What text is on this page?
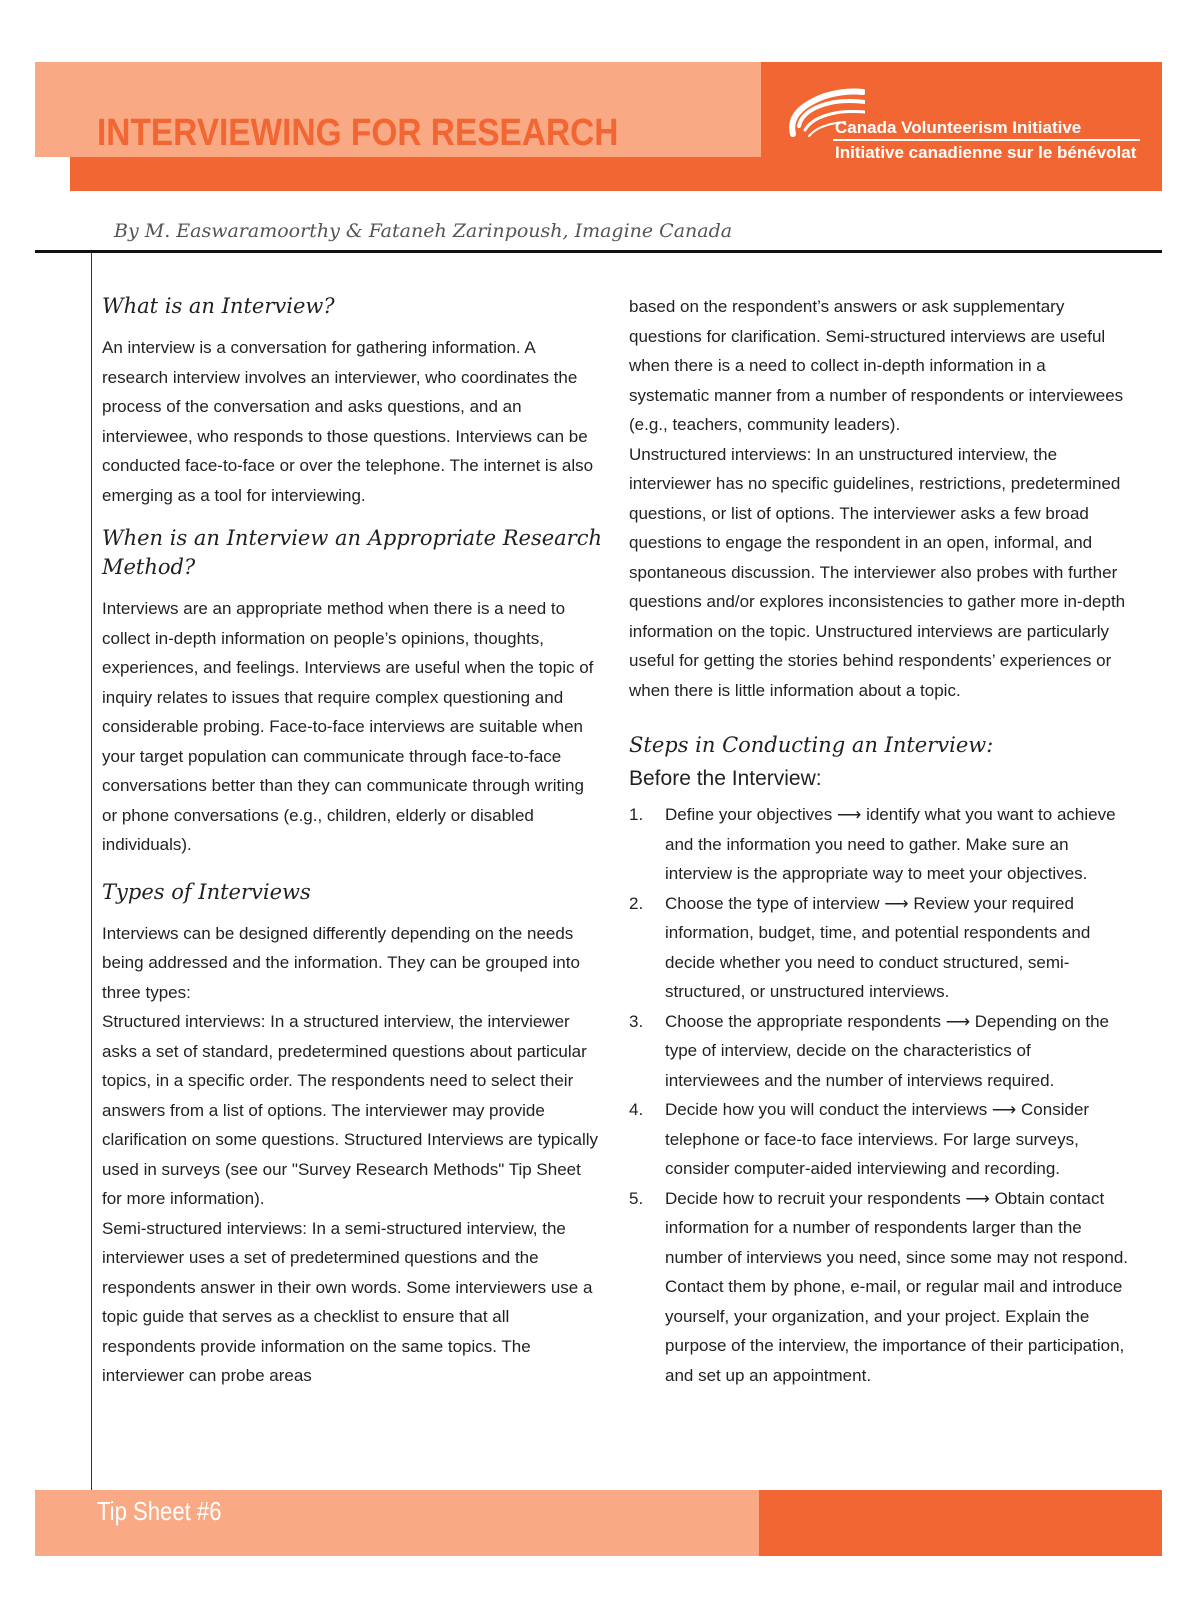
INTERVIEWING FOR RESEARCH	Canada Volunteerism Initiative
Initiative canadienne sur le bénévolat
By M. Easwaramoorthy & Fataneh Zarinpoush, Imagine Canada
What is an Interview?

An interview is a conversation for gathering information. A research interview involves an interviewer, who coordinates the process of the conversation and asks questions, and an interviewee, who responds to those questions. Interviews can be conducted face-to-face or over the telephone. The internet is also emerging as a tool for interviewing.

When is an Interview an Appropriate Research Method?

Interviews are an appropriate method when there is a need to collect in-depth information on people’s opinions, thoughts, experiences, and feelings. Interviews are useful when the topic of inquiry relates to issues that require complex questioning and considerable probing. Face-to-face interviews are suitable when your target population can communicate through face-to-face conversations better than they can communicate through writing or phone conversations (e.g., children, elderly or disabled individuals).

Types of Interviews

Interviews can be designed differently depending on the needs being addressed and the information. They can be grouped into three types:

Structured interviews: In a structured interview, the interviewer asks a set of standard, predetermined questions about particular topics, in a specific order. The respondents need to select their answers from a list of options. The interviewer may provide clarification on some questions. Structured Interviews are typically used in surveys (see our "Survey Research Methods" Tip Sheet for more information).

Semi-structured interviews: In a semi-structured interview, the interviewer uses a set of predetermined questions and the respondents answer in their own words. Some interviewers use a topic guide that serves as a checklist to ensure that all respondents provide information on the same topics. The interviewer can probe areas

based on the respondent’s answers or ask supplementary questions for clarification. Semi-structured interviews are useful when there is a need to collect in-depth information in a systematic manner from a number of respondents or interviewees (e.g., teachers, community leaders).

Unstructured interviews: In an unstructured interview, the interviewer has no specific guidelines, restrictions, predetermined questions, or list of options. The interviewer asks a few broad questions to engage the respondent in an open, informal, and spontaneous discussion. The interviewer also probes with further questions and/or explores inconsistencies to gather more in-depth information on the topic. Unstructured interviews are particularly useful for getting the stories behind respondents’ experiences or when there is little information about a topic.

Steps in Conducting an Interview:
Before the Interview:
1. Define your objectives ⟶ identify what you want to achieve and the information you need to gather. Make sure an interview is the appropriate way to meet your objectives.
2. Choose the type of interview ⟶ Review your required information, budget, time, and potential respondents and decide whether you need to conduct structured, semi-structured, or unstructured interviews.
3. Choose the appropriate respondents ⟶ Depending on the type of interview, decide on the characteristics of interviewees and the number of interviews required.
4. Decide how you will conduct the interviews ⟶ Consider telephone or face-to face interviews. For large surveys, consider computer-aided interviewing and recording.
5. Decide how to recruit your respondents ⟶ Obtain contact information for a number of respondents larger than the number of interviews you need, since some may not respond. Contact them by phone, e-mail, or regular mail and introduce yourself, your organization, and your project. Explain the purpose of the interview, the importance of their participation, and set up an appointment.
Tip Sheet #6
